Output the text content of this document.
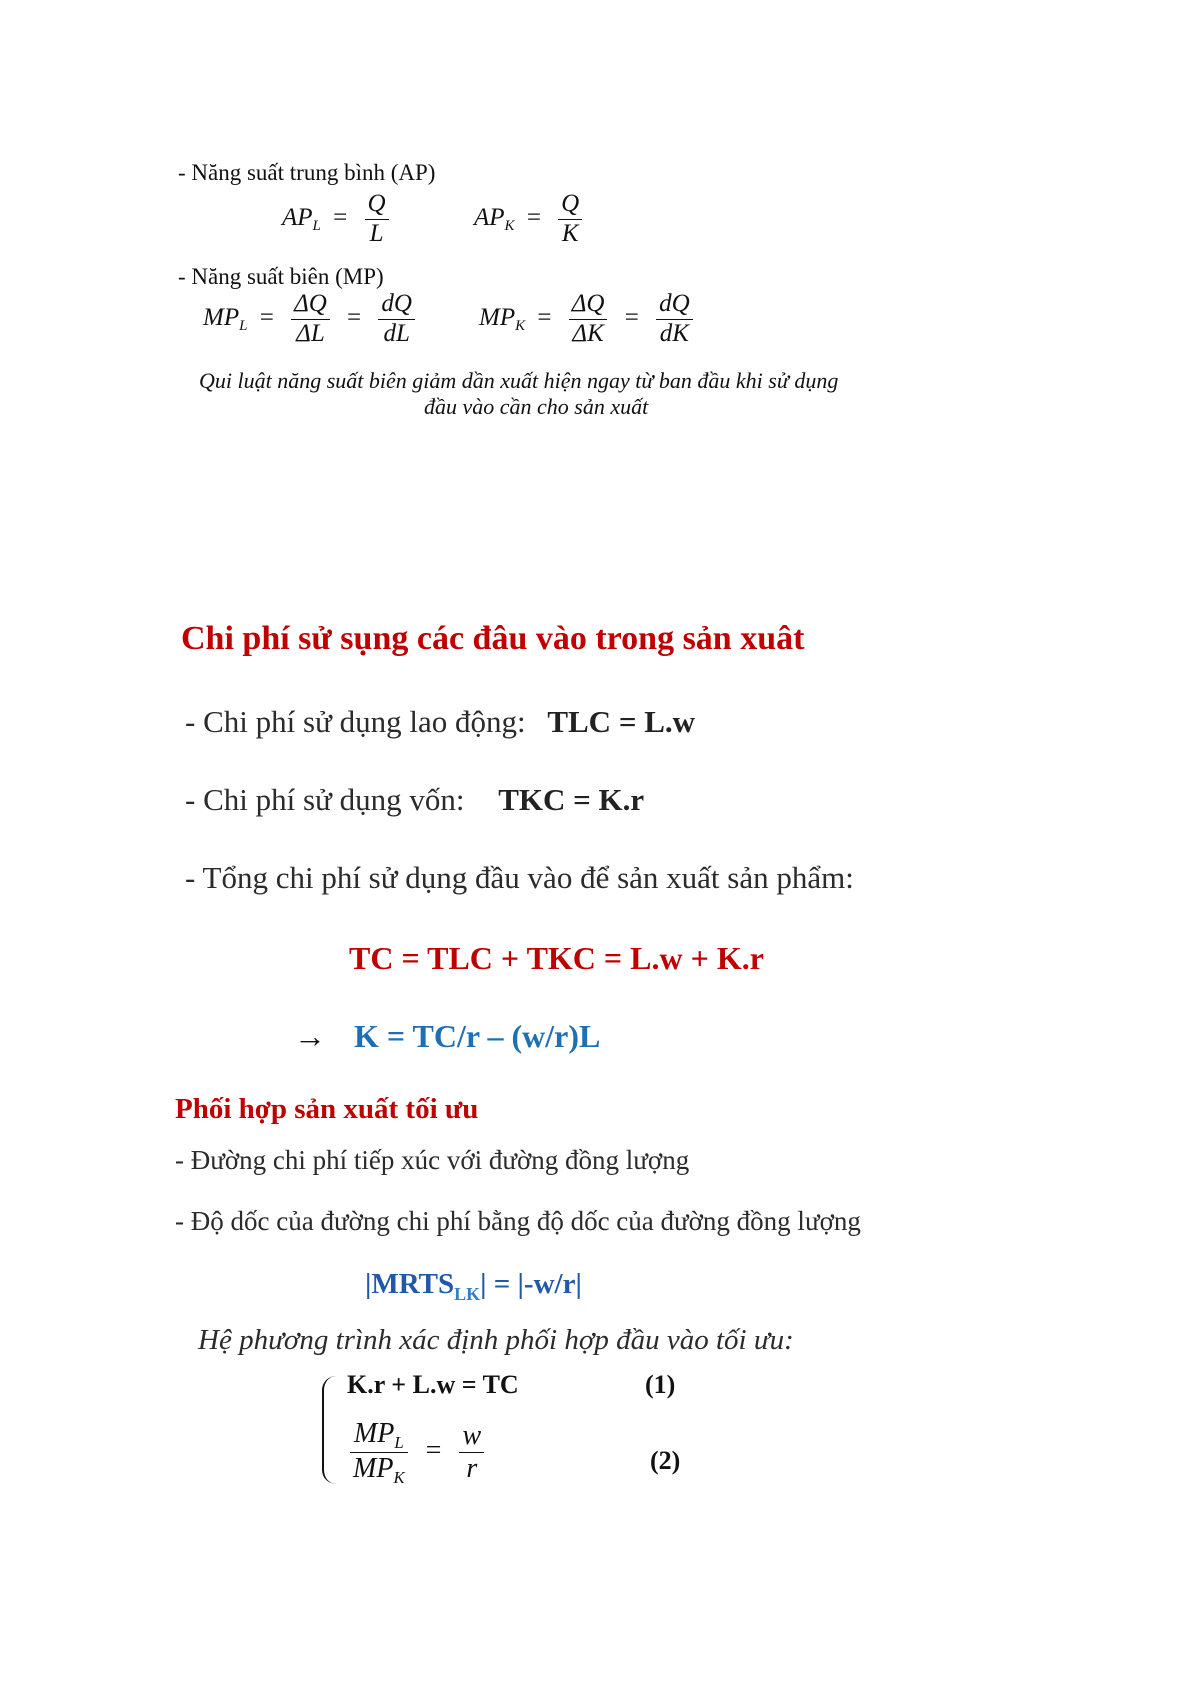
- Năng suất trung bình (AP)
$AP_L = \frac{Q}{L}$	$AP_K = \frac{Q}{K}$
- Năng suất biên (MP)
$MP_L = \frac{\Delta Q}{\Delta L} = \frac{dQ}{dL}$	$MP_K = \frac{\Delta Q}{\Delta K} = \frac{dQ}{dK}$
Qui luật năng suất biên giảm dần xuất hiện ngay từ ban đầu khi sử dụng
đầu vào cần cho sản xuất
Chi phí sử sụng các đâu vào trong sản xuât
- Chi phí sử dụng lao động: TLC = L.w
- Chi phí sử dụng vốn: TKC = K.r
- Tổng chi phí sử dụng đầu vào để sản xuất sản phẩm:
TC = TLC + TKC = L.w + K.r
→ K = TC/r – (w/r)L
Phối hợp sản xuất tối ưu
- Đường chi phí tiếp xúc với đường đồng lượng
- Độ dốc của đường chi phí bằng độ dốc của đường đồng lượng
$|MRTS_{LK}| = |-w/r|$
Hệ phương trình xác định phối hợp đầu vào tối ưu:
K.r + L.w = TC	(1)
$\frac{MP_L}{MP_K} = \frac{w}{r}$	(2)
